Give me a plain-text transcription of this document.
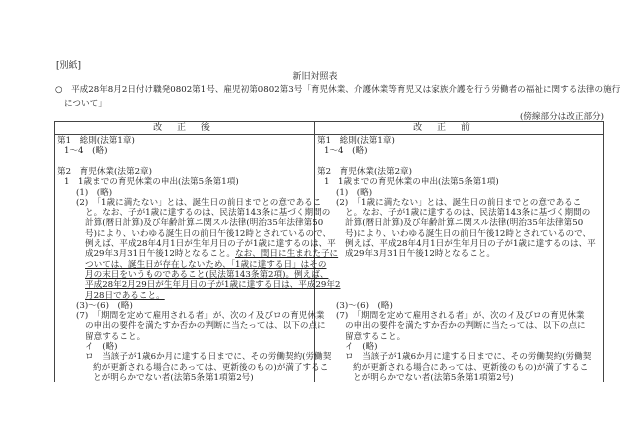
[別紙]
新旧対照表
○　平成28年8月2日付け職発0802第1号、雇児初第0802第3号「育児休業、介護休業等育児又は家族介護を行う労働者の福祉に関する法律の施行
について」
(傍線部分は改正部分)
改 正 後	改 正 前
第1　総則(法第1章)
1～4　(略)
第2　育児休業(法第2章)
1　1歳までの育児休業の申出(法第5条第1項)
(1)　(略)
(2)　「1歳に満たない」とは、誕生日の前日までとの意であるこ
と。なお、子が1歳に達するのは、民法第143条に基づく期間の
計算(暦日計算)及び年齢計算ニ関スル法律(明治35年法律第50
号)により、いわゆる誕生日の前日午後12時とされているので、
例えば、平成28年4月1日が生年月日の子が1歳に達するのは、平
成29年3月31日午後12時となること。なお、閏日に生まれた子に
ついては、誕生日が存在しないため、「1歳に達する日」はその
月の末日をいうものであること(民法第143条第2項)。例えば、
平成28年2月29日が生年月日の子が1歳に達する日は、平成29年2
月28日であること。
(3)～(6)　(略)
(7)　「期間を定めて雇用される者」が、次のイ及びロの育児休業
の申出の要件を満たすか否かの判断に当たっては、以下の点に
留意すること。
イ　(略)
ロ　当該子が1歳6か月に達する日までに、その労働契約(労働契
約が更新される場合にあっては、更新後のもの)が満了するこ
とが明らかでない者(法第5条第1項第2号)
第1　総則(法第1章)
1～4　(略)
第2　育児休業(法第2章)
1　1歳までの育児休業の申出(法第5条第1項)
(1)　(略)
(2)　「1歳に満たない」とは、誕生日の前日までとの意であるこ
と。なお、子が1歳に達するのは、民法第143条に基づく期間の
計算(暦日計算)及び年齢計算ニ関スル法律(明治35年法律第50
号)により、いわゆる誕生日の前日午後12時とされているので、
例えば、平成28年4月1日が生年月日の子が1歳に達するのは、平
成29年3月31日午後12時となること。
(3)～(6)　(略)
(7)　「期間を定めて雇用される者」が、次のイ及びロの育児休業
の申出の要件を満たすか否かの判断に当たっては、以下の点に
留意すること。
イ　(略)
ロ　当該子が1歳6か月に達する日までに、その労働契約(労働契
約が更新される場合にあっては、更新後のもの)が満了するこ
とが明らかでない者(法第5条第1項第2号)
